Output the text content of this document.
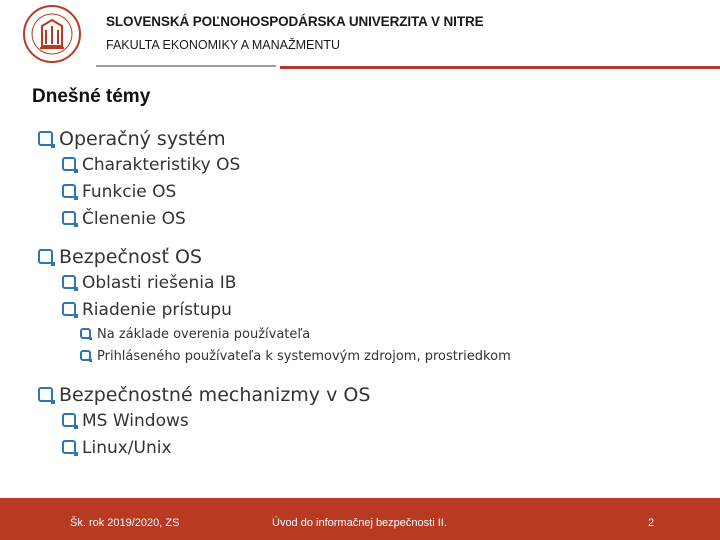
SLOVENSKÁ POĽNOHOSPODÁRSKA UNIVERZITA V NITRE
FAKULTA EKONOMIKY A MANAŽMENTU
Dnešné témy
Operačný systém
Charakteristiky OS
Funkcie OS
Členenie OS
Bezpečnosť OS
Oblasti riešenia IB
Riadenie prístupu
Na základe overenia používateľa
Prihláseného používateľa k systemovým zdrojom, prostriedkom
Bezpečnostné mechanizmy v OS
MS Windows
Linux/Unix
Šk. rok 2019/2020, ZS	Úvod do informačnej bezpečnosti II.	2
